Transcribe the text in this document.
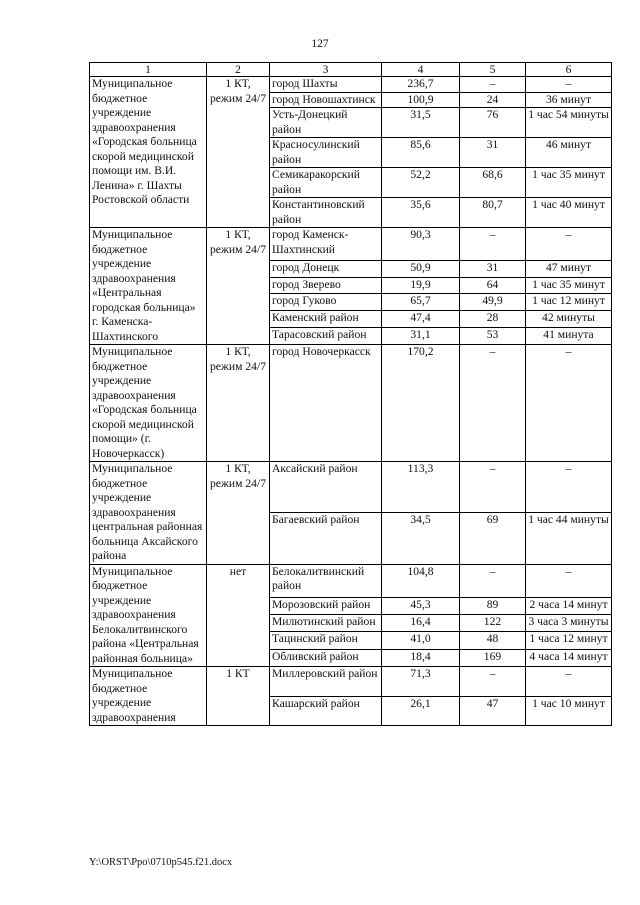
127
1	2	3	4	5	6
Муниципальное бюджетное учреждение здравоохранения «Городская больница скорой медицинской помощи им. В.И. Ленина» г. Шахты Ростовской области	1 КТ, режим 24/7	город Шахты	236,7	–	–
		город Новошахтинск	100,9	24	36 минут
		Усть-Донецкий район	31,5	76	1 час 54 минуты
		Красносулинский район	85,6	31	46 минут
		Семикаракорский район	52,2	68,6	1 час 35 минут
		Константиновский район	35,6	80,7	1 час 40 минут
Муниципальное бюджетное учреждение здравоохранения «Центральная городская больница» г. Каменска-Шахтинского	1 КТ, режим 24/7	город Каменск-Шахтинский	90,3	–	–
		город Донецк	50,9	31	47 минут
		город Зверево	19,9	64	1 час 35 минут
		город Гуково	65,7	49,9	1 час 12 минут
		Каменский район	47,4	28	42 минуты
		Тарасовский район	31,1	53	41 минута
Муниципальное бюджетное учреждение здравоохранения «Городская больница скорой медицинской помощи» (г. Новочеркасск)	1 КТ, режим 24/7	город Новочеркасск	170,2	–	–
Муниципальное бюджетное учреждение здравоохранения центральная районная больница Аксайского района	1 КТ, режим 24/7	Аксайский район	113,3	–	–
		Багаевский район	34,5	69	1 час 44 минуты
Муниципальное бюджетное учреждение здравоохранения Белокалитвинского района «Центральная районная больница»	нет	Белокалитвинский район	104,8	–	–
		Морозовский район	45,3	89	2 часа 14 минут
		Милютинский район	16,4	122	3 часа 3 минуты
		Тацинский район	41,0	48	1 часа 12 минут
		Обливский район	18,4	169	4 часа 14 минут
Муниципальное бюджетное учреждение здравоохранения	1 КТ	Миллеровский район	71,3	–	–
		Кашарский район	26,1	47	1 час 10 минут
Y:\ORST\Ppo\0710p545.f21.docx
